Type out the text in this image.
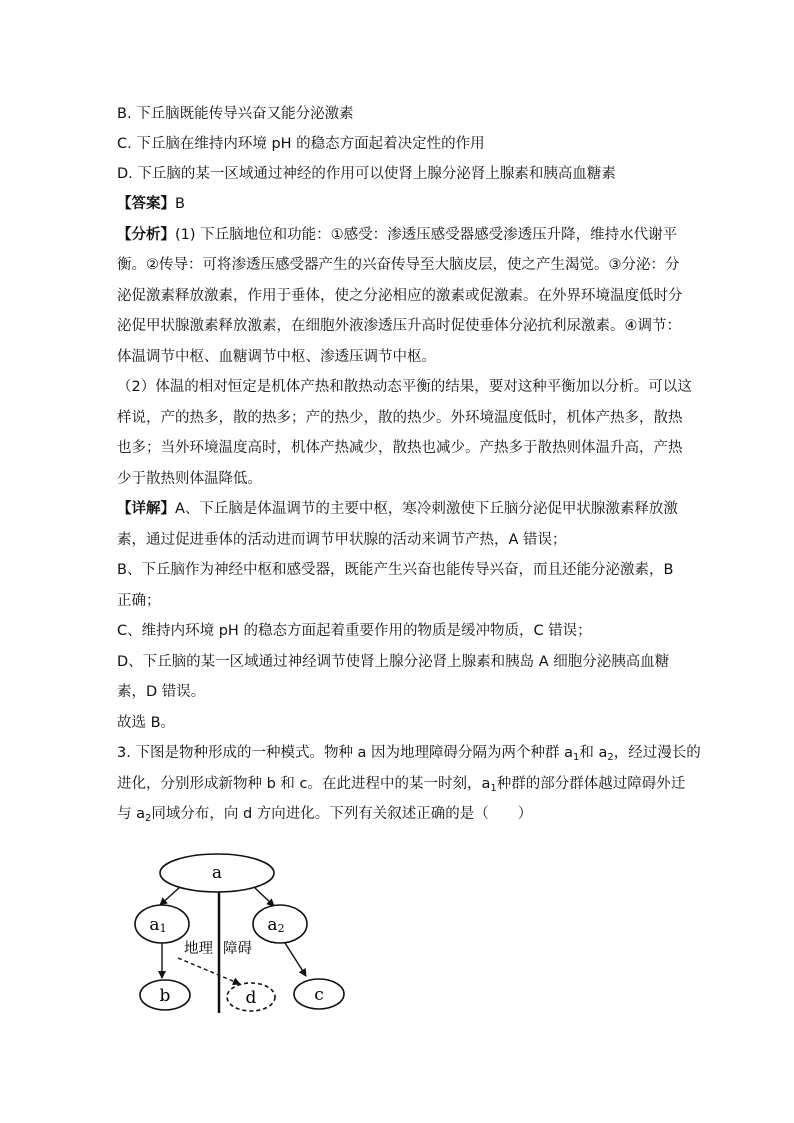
B. 下丘脑既能传导兴奋又能分泌激素
C. 下丘脑在维持内环境 pH 的稳态方面起着决定性的作用
D. 下丘脑的某一区域通过神经的作用可以使肾上腺分泌肾上腺素和胰高血糖素
【答案】B
【分析】(1) 下丘脑地位和功能：①感受：渗透压感受器感受渗透压升降，维持水代谢平
衡。②传导：可将渗透压感受器产生的兴奋传导至大脑皮层，使之产生渴觉。③分泌：分
泌促激素释放激素，作用于垂体，使之分泌相应的激素或促激素。在外界环境温度低时分
泌促甲状腺激素释放激素，在细胞外液渗透压升高时促使垂体分泌抗利尿激素。④调节：
体温调节中枢、血糖调节中枢、渗透压调节中枢。
（2）体温的相对恒定是机体产热和散热动态平衡的结果，要对这种平衡加以分析。可以这
样说，产的热多，散的热多；产的热少，散的热少。外环境温度低时，机体产热多，散热
也多；当外环境温度高时，机体产热减少，散热也减少。产热多于散热则体温升高，产热
少于散热则体温降低。
【详解】A、下丘脑是体温调节的主要中枢，寒冷刺激使下丘脑分泌促甲状腺激素释放激
素，通过促进垂体的活动进而调节甲状腺的活动来调节产热，A 错误；
B、下丘脑作为神经中枢和感受器，既能产生兴奋也能传导兴奋，而且还能分泌激素，B
正确；
C、维持内环境 pH 的稳态方面起着重要作用的物质是缓冲物质，C 错误；
D、下丘脑的某一区域通过神经调节使肾上腺分泌肾上腺素和胰岛 A 细胞分泌胰高血糖
素，D 错误。
故选 B。
3. 下图是物种形成的一种模式。物种 a 因为地理障碍分隔为两个种群 $a_1$和 $a_2$，经过漫长的
进化，分别形成新物种 b 和 c。在此进程中的某一时刻，$a_1$种群的部分群体越过障碍外迁
与 $a_2$同域分布，向 d 方向进化。下列有关叙述正确的是（　　）
a
a1	a2
地理 障碍
b	d	c
